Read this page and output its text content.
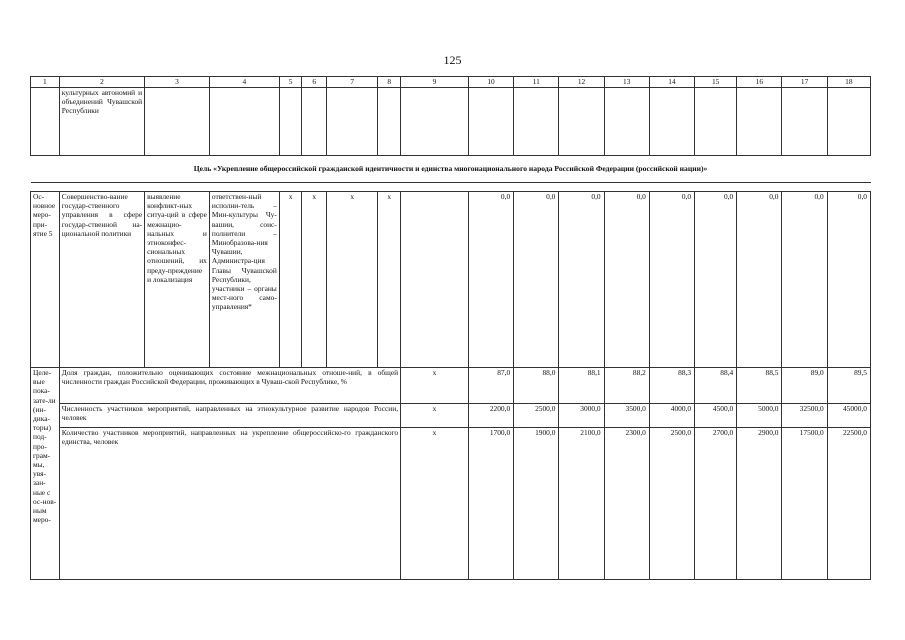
125
1	2	3	4	5	6	7	8	9	10	11	12	13	14	15	16	17	18
	культурных автономий и объединений Чувашской Республики																
Цель «Укрепление общероссийской гражданской идентичности и единства многонационального народа Российской Федерации (российской нации)»																	

Ос-новное меро-при-ятие 5	Совершенство-вание государ-ственного управления в сфере государ-ственной на-циональной политики	выявление конфликт-ных ситуа-ций в сфере межнацио-нальных и этноконфес-сиональных отношений, их преду-преждение и локализация	ответствен-ный исполни-тель – Мин-культуры Чу-вашии, соис-полнители – Минобразова-ния Чувашии, Администра-ция Главы Чувашской Республики, участники – органы мест-ного само-управления*	x	x	x	x		0,0	0,0	0,0	0,0	0,0	0,0	0,0	0,0	0,0
Целе-вые пока-зате-ли (ин-дика-торы) под-про-грам-мы, увя-зан-ные с ос-нов-ным меро-	Доля граждан, положительно оценивающих состояние межнациональных отноше-ний, в общей численности граждан Российской Федерации, проживающих в Чуваш-ской Республике, %							x	87,0	88,0	88,1	88,2	88,3	88,4	88,5	89,0	89,5
	Численность участников мероприятий, направленных на этнокультурное развитие народов России, человек							x	2200,0	2500,0	3000,0	3500,0	4000,0	4500,0	5000,0	32500,0	45000,0
	Количество участников мероприятий, направленных на укрепление общероссийско-го гражданского единства, человек							x	1700,0	1900,0	2100,0	2300,0	2500,0	2700,0	2900,0	17500,0	22500,0
